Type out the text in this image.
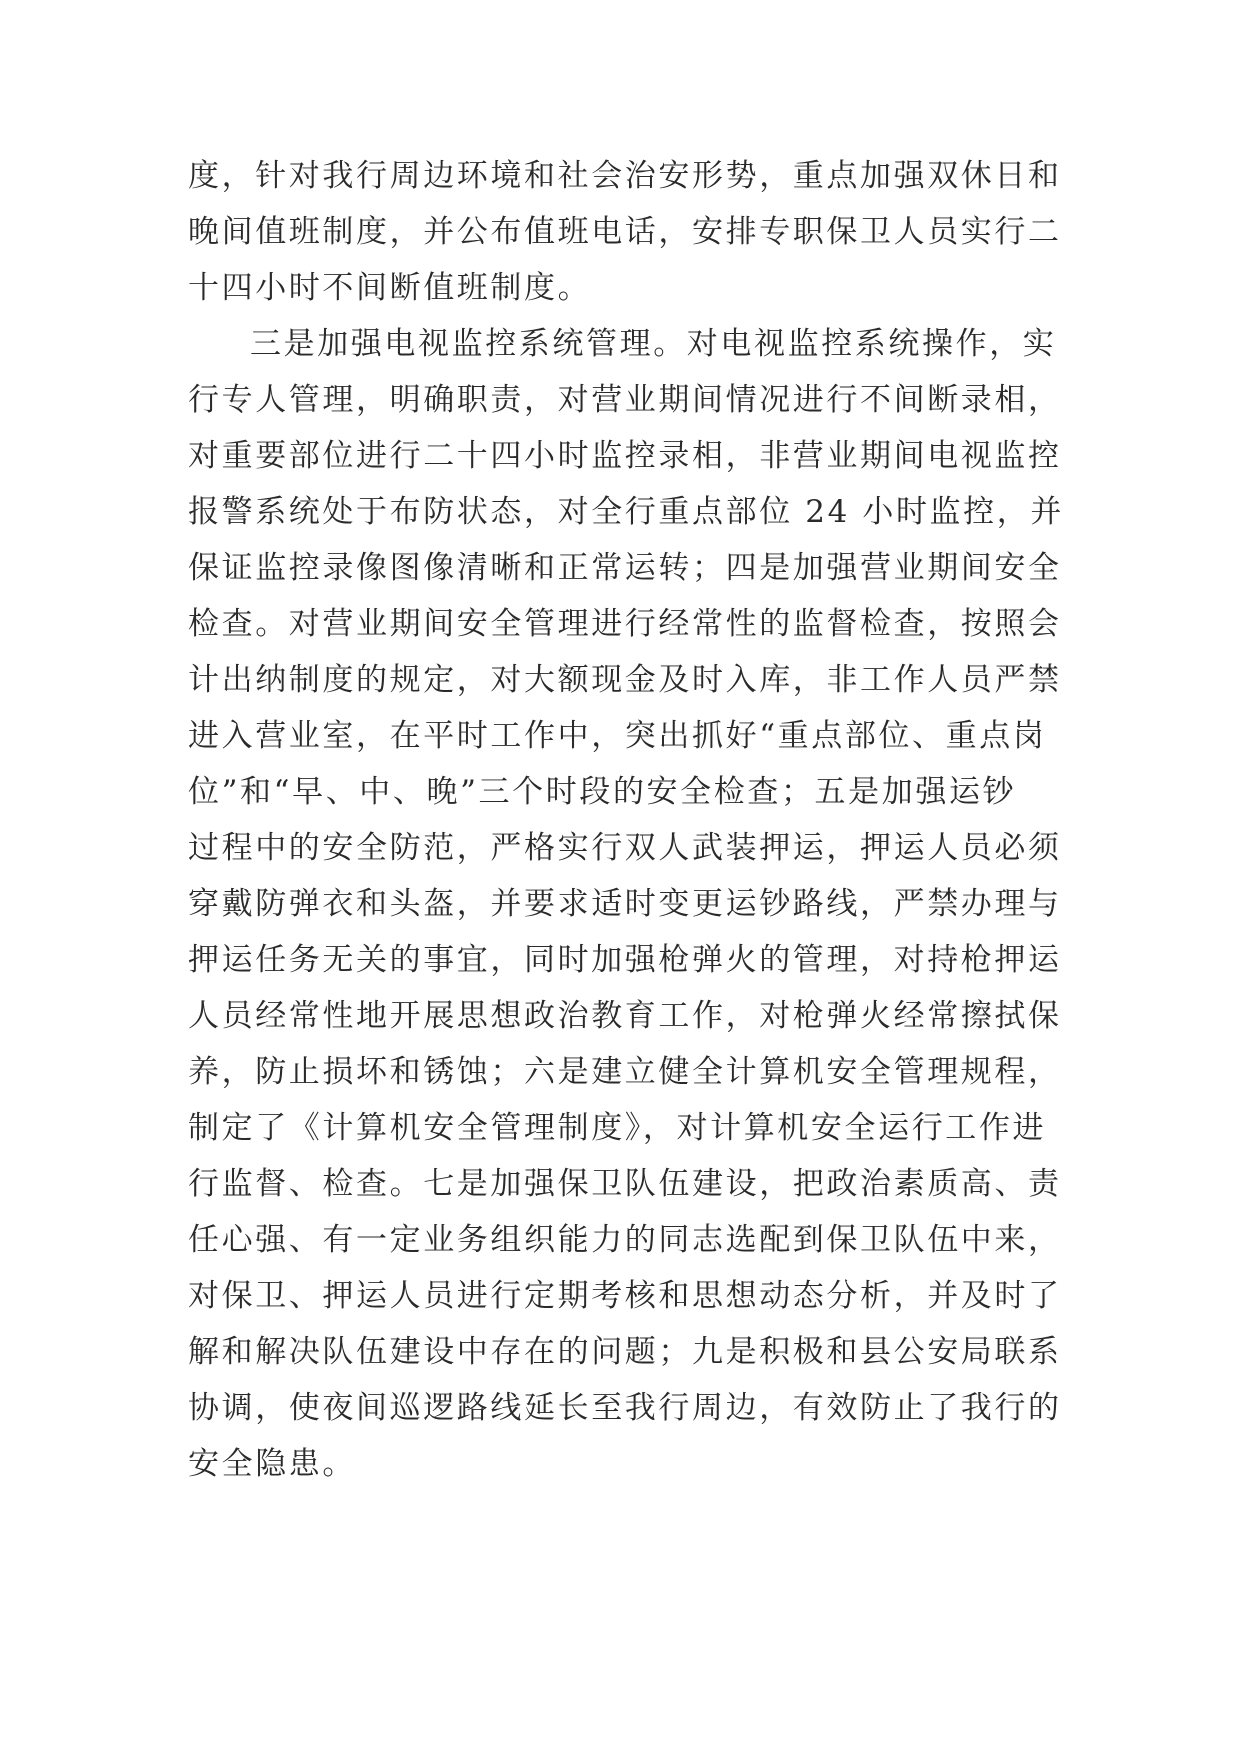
度，针对我行周边环境和社会治安形势，重点加强双休日和
晚间值班制度，并公布值班电话，安排专职保卫人员实行二
十四小时不间断值班制度。
三是加强电视监控系统管理。对电视监控系统操作，实
行专人管理，明确职责，对营业期间情况进行不间断录相，
对重要部位进行二十四小时监控录相，非营业期间电视监控
报警系统处于布防状态，对全行重点部位 24 小时监控，并
保证监控录像图像清晰和正常运转；四是加强营业期间安全
检查。对营业期间安全管理进行经常性的监督检查，按照会
计出纳制度的规定，对大额现金及时入库，非工作人员严禁
进入营业室，在平时工作中，突出抓好“重点部位、重点岗
位”和“早、中、晚”三个时段的安全检查；五是加强运钞
过程中的安全防范，严格实行双人武装押运，押运人员必须
穿戴防弹衣和头盔，并要求适时变更运钞路线，严禁办理与
押运任务无关的事宜，同时加强枪弹火的管理，对持枪押运
人员经常性地开展思想政治教育工作，对枪弹火经常擦拭保
养，防止损坏和锈蚀；六是建立健全计算机安全管理规程，
制定了《计算机安全管理制度》，对计算机安全运行工作进
行监督、检查。七是加强保卫队伍建设，把政治素质高、责
任心强、有一定业务组织能力的同志选配到保卫队伍中来，
对保卫、押运人员进行定期考核和思想动态分析，并及时了
解和解决队伍建设中存在的问题；九是积极和县公安局联系
协调，使夜间巡逻路线延长至我行周边，有效防止了我行的
安全隐患。
